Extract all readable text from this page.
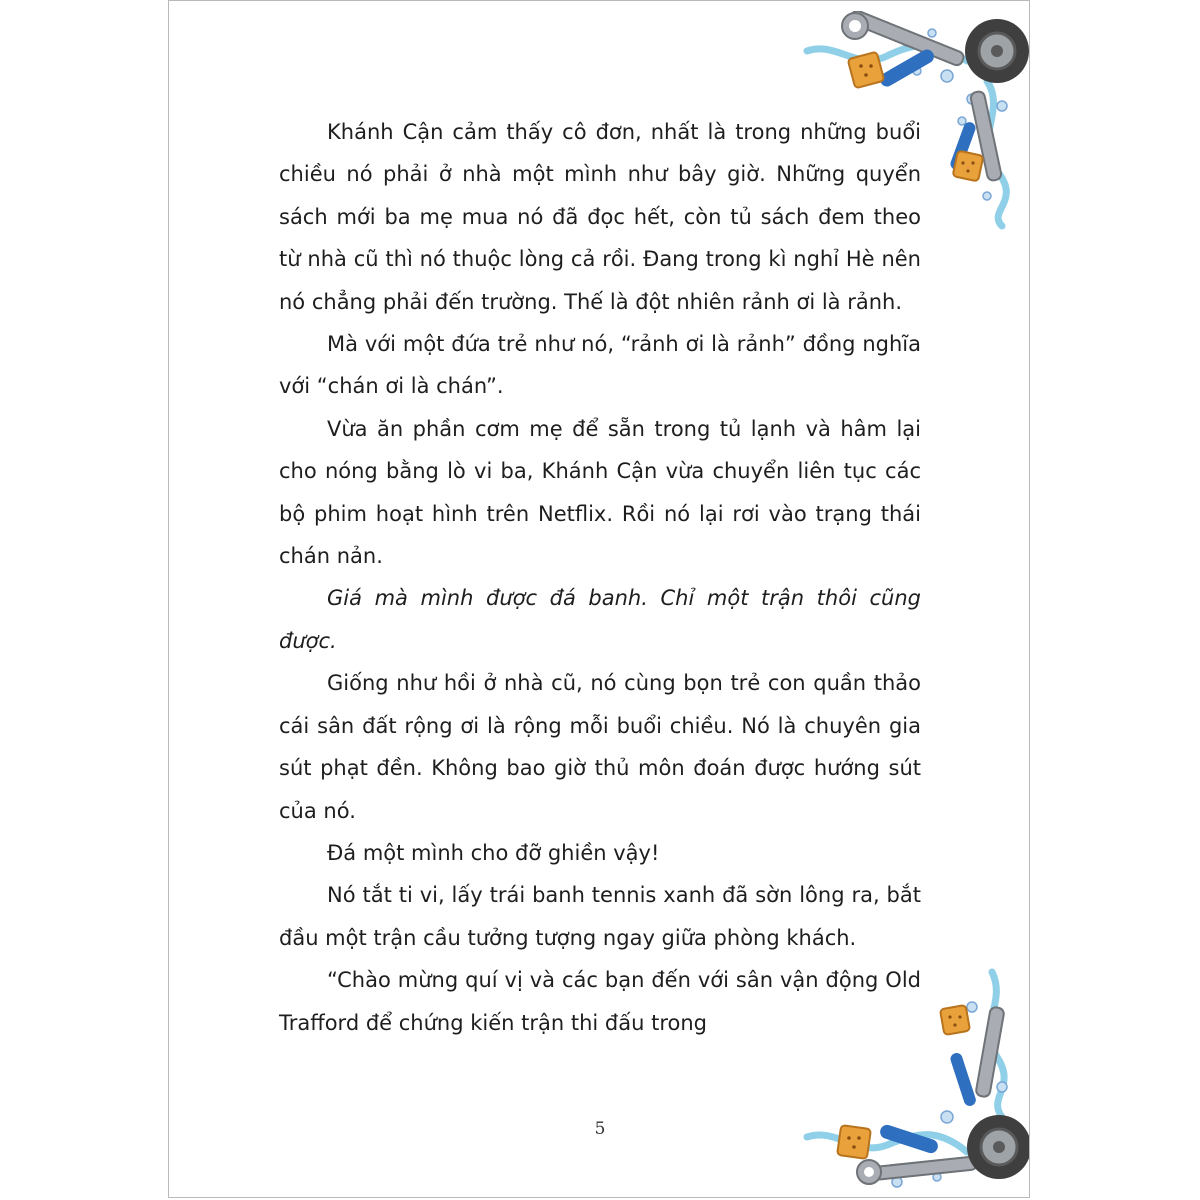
Khánh Cận cảm thấy cô đơn, nhất là trong những buổi chiều nó phải ở nhà một mình như bây giờ. Những quyển sách mới ba mẹ mua nó đã đọc hết, còn tủ sách đem theo từ nhà cũ thì nó thuộc lòng cả rồi. Đang trong kì nghỉ Hè nên nó chẳng phải đến trường. Thế là đột nhiên rảnh ơi là rảnh.

Mà với một đứa trẻ như nó, “rảnh ơi là rảnh” đồng nghĩa với “chán ơi là chán”.

Vừa ăn phần cơm mẹ để sẵn trong tủ lạnh và hâm lại cho nóng bằng lò vi ba, Khánh Cận vừa chuyển liên tục các bộ phim hoạt hình trên Netflix. Rồi nó lại rơi vào trạng thái chán nản.

Giá mà mình được đá banh. Chỉ một trận thôi cũng được.

Giống như hồi ở nhà cũ, nó cùng bọn trẻ con quần thảo cái sân đất rộng ơi là rộng mỗi buổi chiều. Nó là chuyên gia sút phạt đền. Không bao giờ thủ môn đoán được hướng sút của nó.

Đá một mình cho đỡ ghiền vậy!

Nó tắt ti vi, lấy trái banh tennis xanh đã sờn lông ra, bắt đầu một trận cầu tưởng tượng ngay giữa phòng khách.

“Chào mừng quí vị và các bạn đến với sân vận động Old Trafford để chứng kiến trận thi đấu trong

5
